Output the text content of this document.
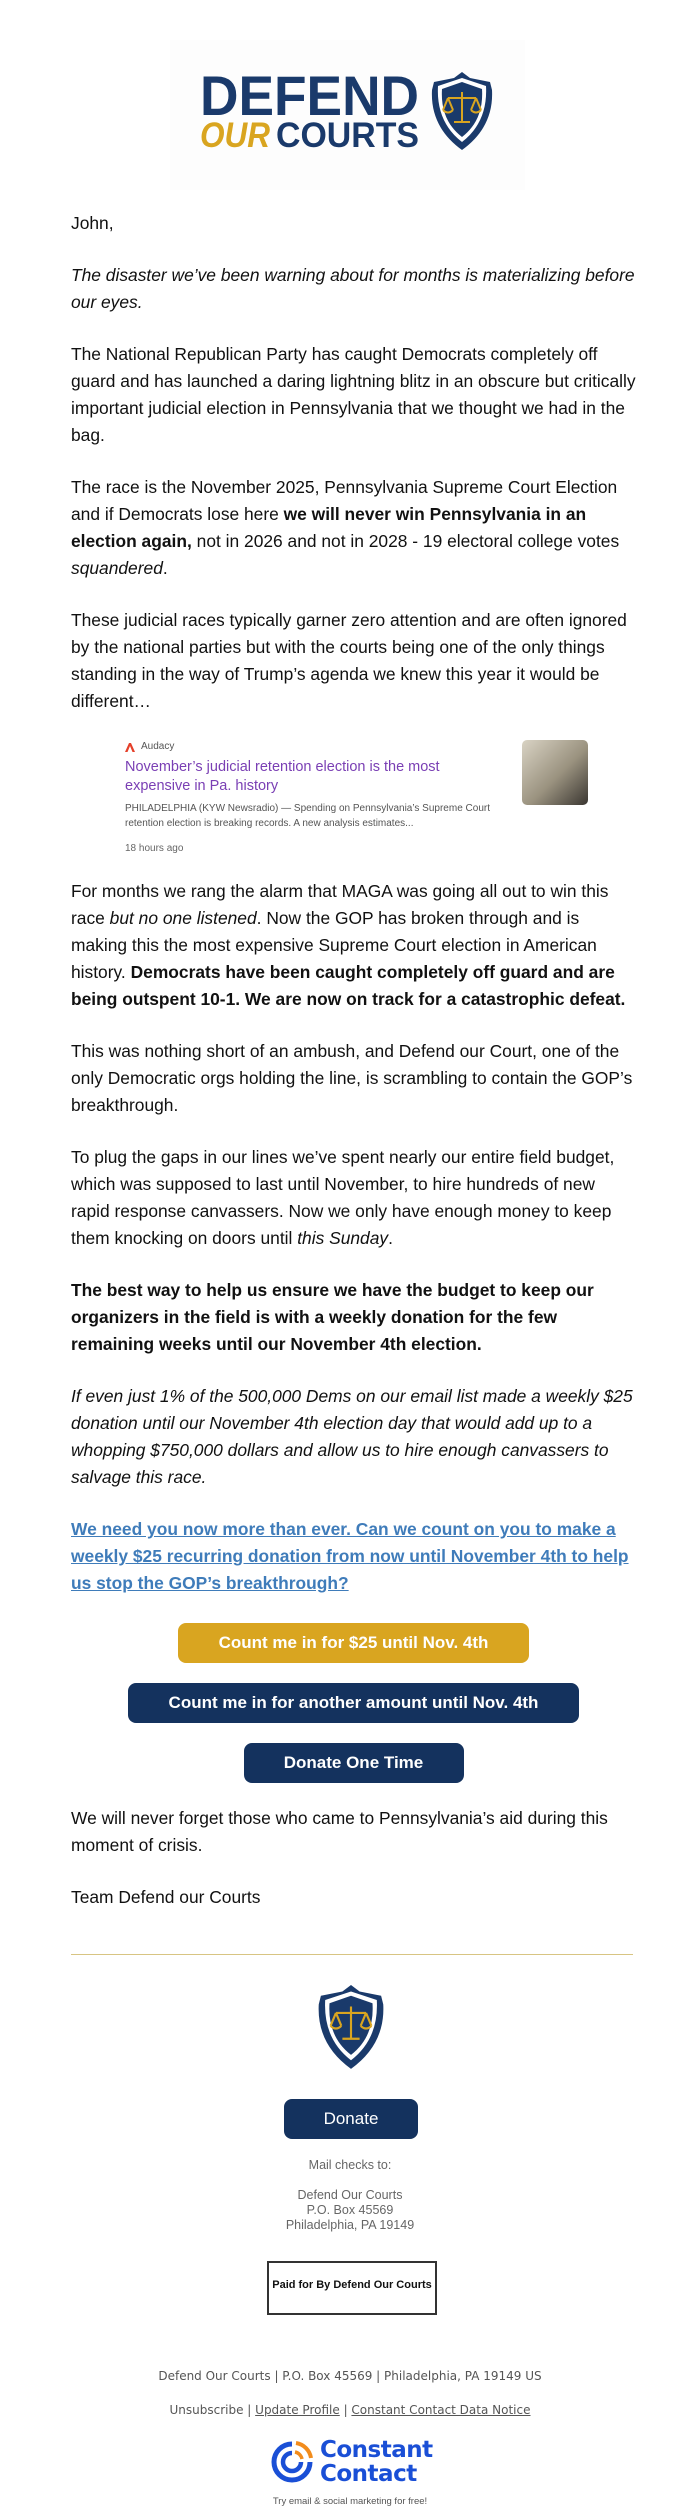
DEFEND
OUR COURTS

John,

The disaster we’ve been warning about for months is materializing before our eyes.

The National Republican Party has caught Democrats completely off guard and has launched a daring lightning blitz in an obscure but critically important judicial election in Pennsylvania that we thought we had in the bag.

The race is the November 2025, Pennsylvania Supreme Court Election and if Democrats lose here we will never win Pennsylvania in an election again, not in 2026 and not in 2028 - 19 electoral college votes squandered.

These judicial races typically garner zero attention and are often ignored by the national parties but with the courts being one of the only things standing in the way of Trump’s agenda we knew this year it would be different…

Audacy
November’s judicial retention election is the most expensive in Pa. history
PHILADELPHIA (KYW Newsradio) — Spending on Pennsylvania’s Supreme Court retention election is breaking records. A new analysis estimates...
18 hours ago

For months we rang the alarm that MAGA was going all out to win this race but no one listened. Now the GOP has broken through and is making this the most expensive Supreme Court election in American history. Democrats have been caught completely off guard and are being outspent 10-1. We are now on track for a catastrophic defeat.

This was nothing short of an ambush, and Defend our Court, one of the only Democratic orgs holding the line, is scrambling to contain the GOP’s breakthrough.

To plug the gaps in our lines we’ve spent nearly our entire field budget, which was supposed to last until November, to hire hundreds of new rapid response canvassers. Now we only have enough money to keep them knocking on doors until this Sunday.

The best way to help us ensure we have the budget to keep our organizers in the field is with a weekly donation for the few remaining weeks until our November 4th election.

If even just 1% of the 500,000 Dems on our email list made a weekly $25 donation until our November 4th election day that would add up to a whopping $750,000 dollars and allow us to hire enough canvassers to salvage this race.

We need you now more than ever. Can we count on you to make a weekly $25 recurring donation from now until November 4th to help us stop the GOP’s breakthrough?
Count me in for $25 until Nov. 4th
Count me in for another amount until Nov. 4th
Donate One Time

We will never forget those who came to Pennsylvania’s aid during this moment of crisis.

Team Defend our Courts

Donate
Mail checks to:
Defend Our Courts
P.O. Box 45569
Philadelphia, PA 19149
Paid for By Defend Our Courts
Defend Our Courts | P.O. Box 45569 | Philadelphia, PA 19149 US
Unsubscribe | Update Profile | Constant Contact Data Notice
Constant
Contact
Try email & social marketing for free!
